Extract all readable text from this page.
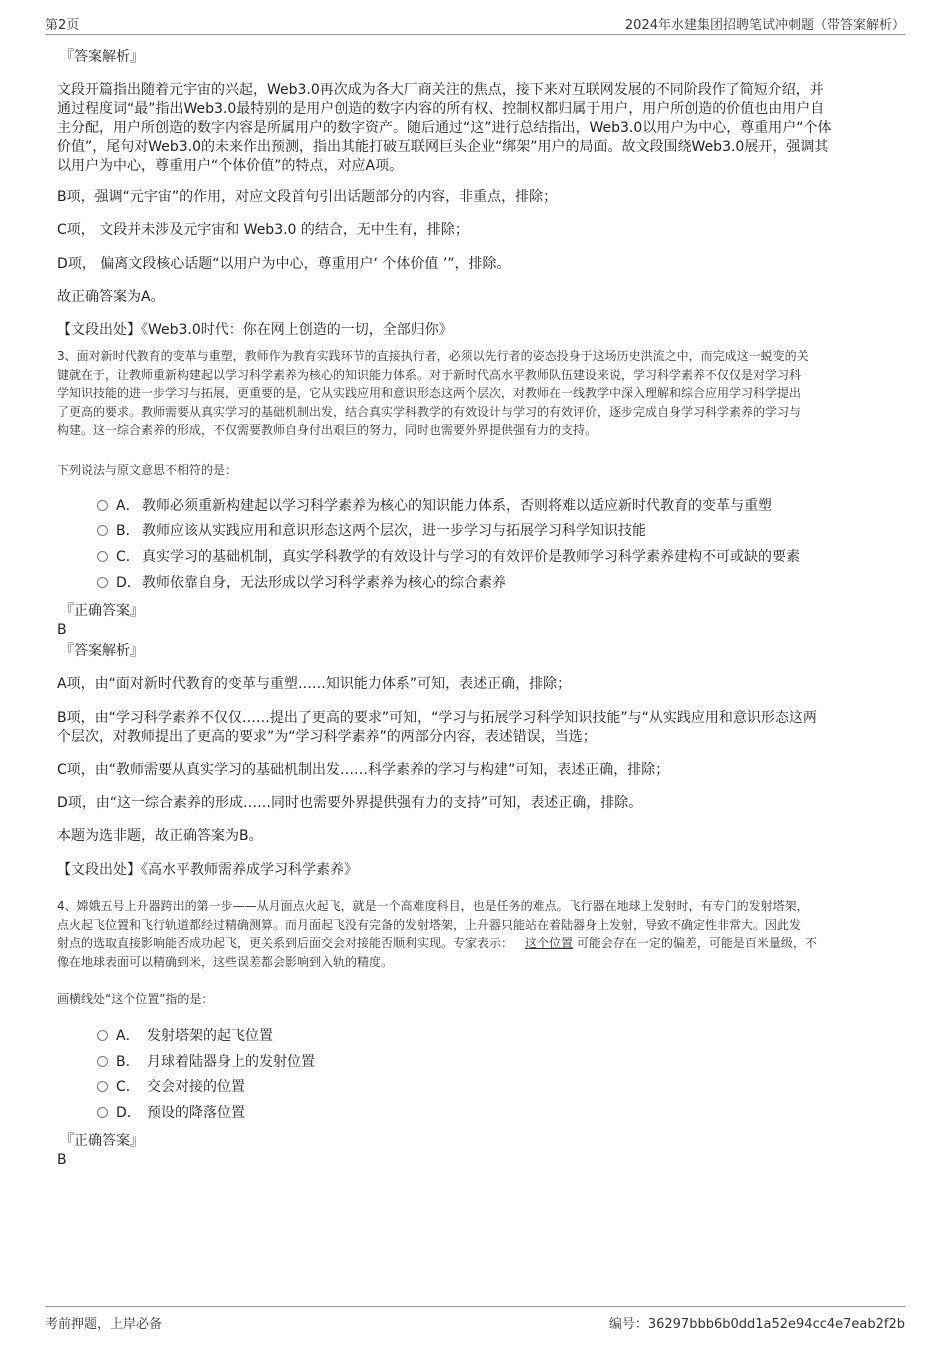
第2页	2024年水建集团招聘笔试冲刺题（带答案解析）
『答案解析』
文段开篇指出随着元宇宙的兴起，Web3.0再次成为各大厂商关注的焦点，接下来对互联网发展的不同阶段作了简短介绍，并
通过程度词“最”指出Web3.0最特别的是用户创造的数字内容的所有权、控制权都归属于用户，用户所创造的价值也由用户自
主分配，用户所创造的数字内容是所属用户的数字资产。随后通过“这”进行总结指出，Web3.0以用户为中心，尊重用户“个体
价值”，尾句对Web3.0的未来作出预测，指出其能打破互联网巨头企业“绑架”用户的局面。故文段围绕Web3.0展开，强调其
以用户为中心，尊重用户“个体价值”的特点，对应A项。
B项，强调“元宇宙”的作用，对应文段首句引出话题部分的内容，非重点，排除；
C项， 文段并未涉及元宇宙和 Web3.0 的结合，无中生有，排除；
D项， 偏离文段核心话题“以用户为中心，尊重用户‘ 个体价值 ’”，排除。
故正确答案为A。
【文段出处】《Web3.0时代：你在网上创造的一切，全部归你》
3、面对新时代教育的变革与重塑，教师作为教育实践环节的直接执行者，必须以先行者的姿态投身于这场历史洪流之中，而完成这一蜕变的关
键就在于，让教师重新构建起以学习科学素养为核心的知识能力体系。对于新时代高水平教师队伍建设来说，学习科学素养不仅仅是对学习科
学知识技能的进一步学习与拓展，更重要的是，它从实践应用和意识形态这两个层次，对教师在一线教学中深入理解和综合应用学习科学提出
了更高的要求。教师需要从真实学习的基础机制出发，结合真实学科教学的有效设计与学习的有效评价，逐步完成自身学习科学素养的学习与
构建。这一综合素养的形成，不仅需要教师自身付出艰巨的努力，同时也需要外界提供强有力的支持。
下列说法与原文意思不相符的是：
A． 教师必须重新构建起以学习科学素养为核心的知识能力体系，否则将难以适应新时代教育的变革与重塑
B． 教师应该从实践应用和意识形态这两个层次，进一步学习与拓展学习科学知识技能
C． 真实学习的基础机制，真实学科教学的有效设计与学习的有效评价是教师学习科学素养建构不可或缺的要素
D．教师依靠自身，无法形成以学习科学素养为核心的综合素养
『正确答案』
B
『答案解析』
A项，由“面对新时代教育的变革与重塑……知识能力体系”可知，表述正确，排除；
B项，由“学习科学素养不仅仅……提出了更高的要求”可知，“学习与拓展学习科学知识技能”与“从实践应用和意识形态这两
个层次，对教师提出了更高的要求”为“学习科学素养”的两部分内容，表述错误，当选；
C项，由“教师需要从真实学习的基础机制出发……科学素养的学习与构建”可知，表述正确，排除；
D项，由“这一综合素养的形成……同时也需要外界提供强有力的支持”可知，表述正确，排除。
本题为选非题，故正确答案为B。
【文段出处】《高水平教师需养成学习科学素养》
4、嫦娥五号上升器跨出的第一步——从月面点火起飞，就是一个高难度科目，也是任务的难点。飞行器在地球上发射时，有专门的发射塔架，
点火起飞位置和飞行轨道都经过精确测算。而月面起飞没有完备的发射塔架，上升器只能站在着陆器身上发射，导致不确定性非常大。因此发
射点的选取直接影响能否成功起飞，更关系到后面交会对接能否顺利实现。专家表示： 这个位置 可能会存在一定的偏差，可能是百米量级，不
像在地球表面可以精确到米，这些误差都会影响到入轨的精度。
画横线处“这个位置”指的是：
A． 发射塔架的起飞位置
B． 月球着陆器身上的发射位置
C． 交会对接的位置
D． 预设的降落位置
『正确答案』
B
考前押题，上岸必备	编号：36297bbb6b0dd1a52e94cc4e7eab2f2b
